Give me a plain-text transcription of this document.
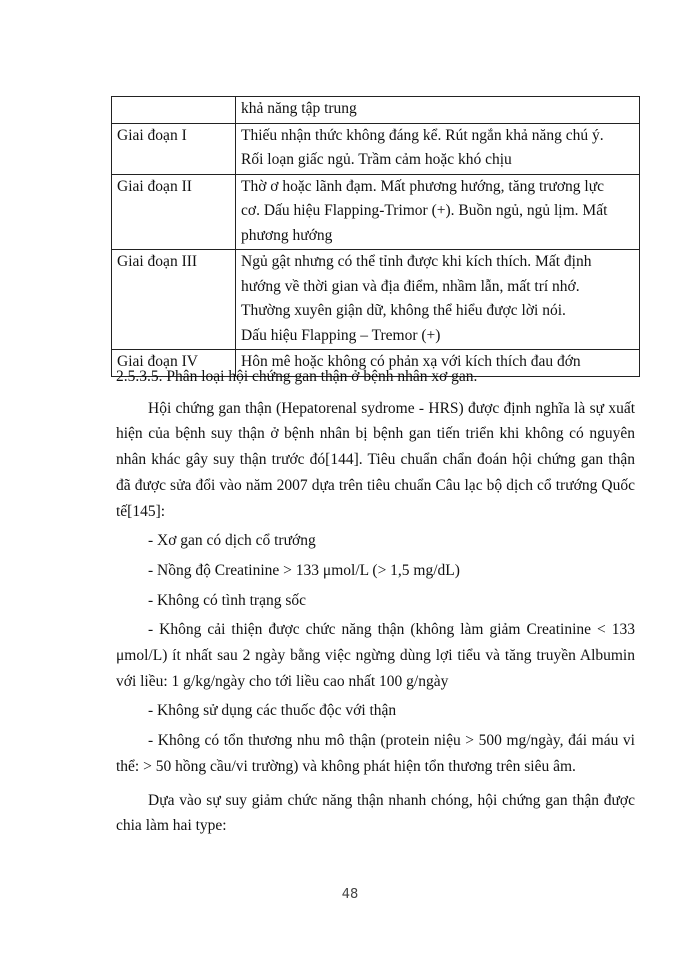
	khả năng tập trung

Giai đoạn I	Thiếu nhận thức không đáng kể. Rút ngắn khả năng chú ý.
Rối loạn giấc ngủ. Trầm cảm hoặc khó chịu

Giai đoạn II	Thờ ơ hoặc lãnh đạm. Mất phương hướng, tăng trương lực
cơ. Dấu hiệu Flapping-Trimor (+). Buồn ngủ, ngủ lịm. Mất
phương hướng

Giai đoạn III	Ngủ gật nhưng có thể tỉnh được khi kích thích. Mất định
hướng về thời gian và địa điểm, nhầm lẫn, mất trí nhớ.
Thường xuyên giận dữ, không thể hiểu được lời nói.
Dấu hiệu Flapping – Tremor (+)

Giai đoạn IV	Hôn mê hoặc không có phản xạ với kích thích đau đớn

2.5.3.5. Phân loại hội chứng gan thận ở bệnh nhân xơ gan.

Hội chứng gan thận (Hepatorenal sydrome - HRS) được định nghĩa là sự xuất hiện của bệnh suy thận ở bệnh nhân bị bệnh gan tiến triển khi không có nguyên nhân khác gây suy thận trước đó[144]. Tiêu chuẩn chẩn đoán hội chứng gan thận đã được sửa đổi vào năm 2007 dựa trên tiêu chuẩn Câu lạc bộ dịch cổ trướng Quốc tế[145]:

- Xơ gan có dịch cổ trướng

- Nồng độ Creatinine > 133 μmol/L (> 1,5 mg/dL)

- Không có tình trạng sốc

- Không cải thiện được chức năng thận (không làm giảm Creatinine < 133 μmol/L) ít nhất sau 2 ngày bằng việc ngừng dùng lợi tiểu và tăng truyền Albumin với liều: 1 g/kg/ngày cho tới liều cao nhất 100 g/ngày

- Không sử dụng các thuốc độc với thận

- Không có tổn thương nhu mô thận (protein niệu > 500 mg/ngày, đái máu vi thể: > 50 hồng cầu/vi trường) và không phát hiện tổn thương trên siêu âm.

Dựa vào sự suy giảm chức năng thận nhanh chóng, hội chứng gan thận được chia làm hai type:

48
